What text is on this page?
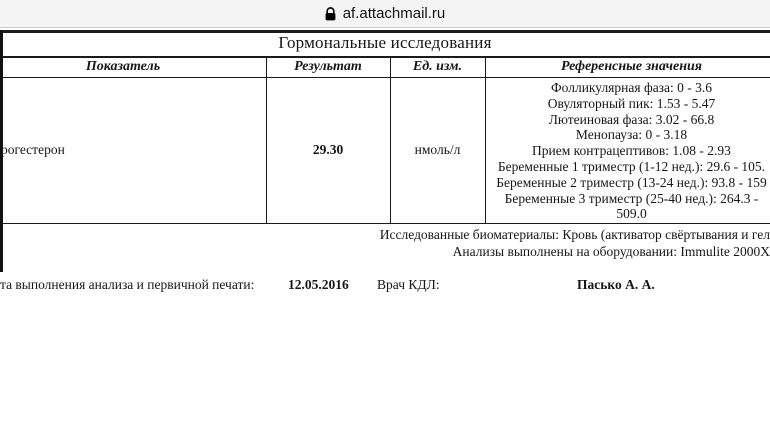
af.attachmail.ru
Гормональные исследования
Показатель	Результат	Ед. изм.	Референсные значения
рогестерон	29.30	нмоль/л
Фолликулярная фаза: 0 - 3.6
Овуляторный пик: 1.53 - 5.47
Лютеиновая фаза: 3.02 - 66.8
Менопауза: 0 - 3.18
Прием контрацептивов: 1.08 - 2.93
Беременные 1 триместр (1-12 нед.): 29.6 - 105.
Беременные 2 триместр (13-24 нед.): 93.8 - 159
Беременные 3 триместр (25-40 нед.): 264.3 -
509.0
Исследованные биоматериалы: Кровь (активатор свёртывания и гел
Анализы выполнены на оборудовании: Immulite 2000X
та выполнения анализа и первичной печати: 12.05.2016 Врач КДЛ:	Пасько А. А.
